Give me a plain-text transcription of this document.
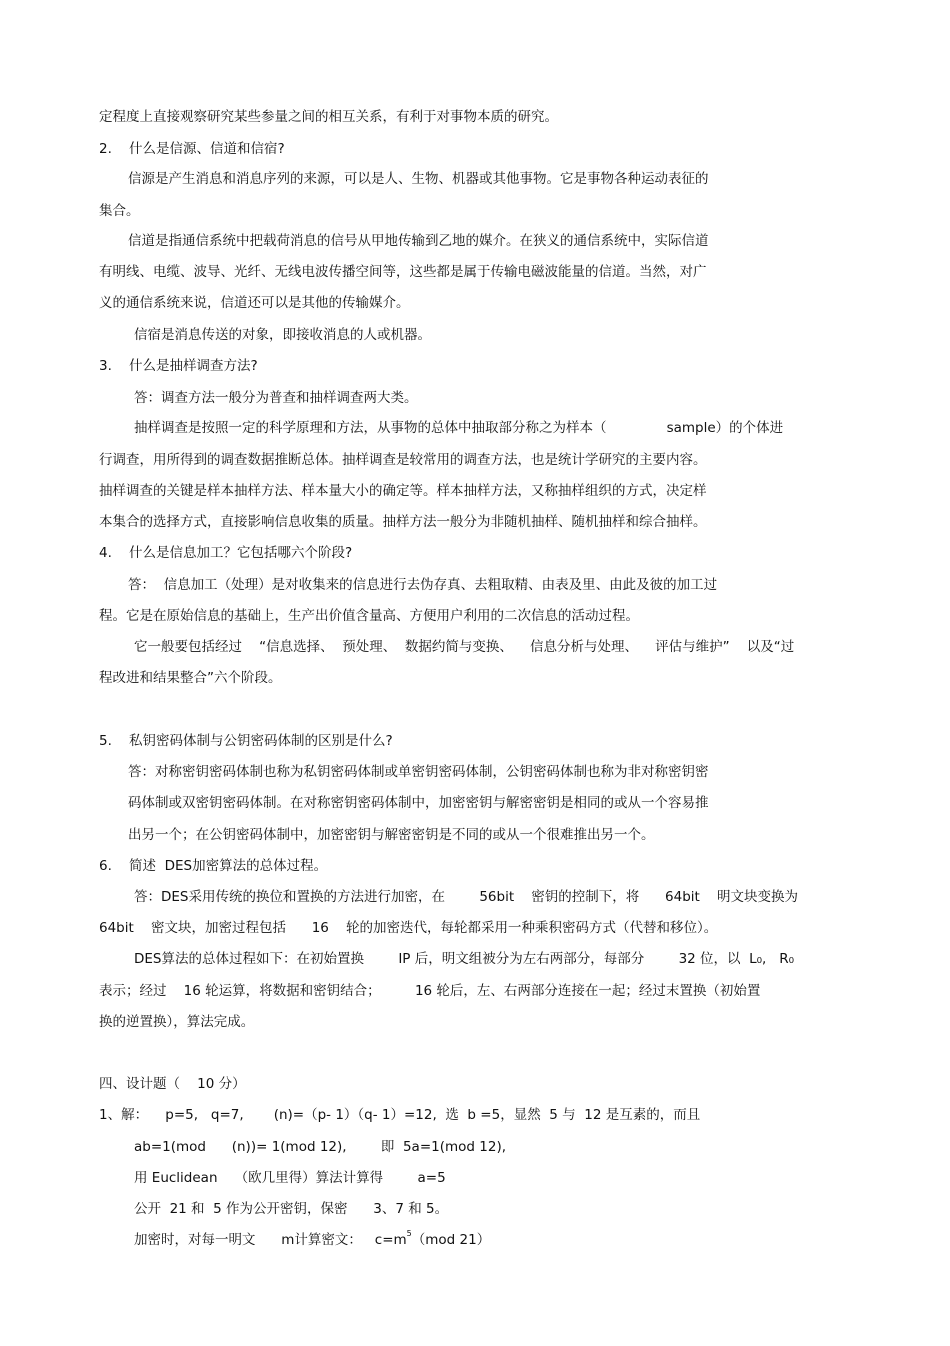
定程度上直接观察研究某些参量之间的相互关系，有利于对事物本质的研究。
2.    什么是信源、信道和信宿?
信源是产生消息和消息序列的来源，可以是人、生物、机器或其他事物。它是事物各种运动表征的
集合。
信道是指通信系统中把载荷消息的信号从甲地传输到乙地的媒介。在狭义的通信系统中，实际信道
有明线、电缆、波导、光纤、无线电波传播空间等，这些都是属于传输电磁波能量的信道。当然，对广
义的通信系统来说，信道还可以是其他的传输媒介。
信宿是消息传送的对象，即接收消息的人或机器。
3.    什么是抽样调查方法?
答：调查方法一般分为普查和抽样调查两大类。
抽样调查是按照一定的科学原理和方法，从事物的总体中抽取部分称之为样本（              sample）的个体进
行调查，用所得到的调查数据推断总体。抽样调查是较常用的调查方法，也是统计学研究的主要内容。
抽样调查的关键是样本抽样方法、样本量大小的确定等。样本抽样方法，又称抽样组织的方式，决定样
本集合的选择方式，直接影响信息收集的质量。抽样方法一般分为非随机抽样、随机抽样和综合抽样。
4.    什么是信息加工？它包括哪六个阶段?
答：  信息加工（处理）是对收集来的信息进行去伪存真、去粗取精、由表及里、由此及彼的加工过
程。它是在原始信息的基础上，生产出价值含量高、方便用户利用的二次信息的活动过程。
它一般要包括经过    “信息选择、  预处理、  数据约简与变换、    信息分析与处理、    评估与维护”    以及“过
程改进和结果整合”六个阶段。
5.    私钥密码体制与公钥密码体制的区别是什么?
答：对称密钥密码体制也称为私钥密码体制或单密钥密码体制，公钥密码体制也称为非对称密钥密
码体制或双密钥密码体制。在对称密钥密码体制中，加密密钥与解密密钥是相同的或从一个容易推
出另一个；在公钥密码体制中，加密密钥与解密密钥是不同的或从一个很难推出另一个。
6.    简述  DES加密算法的总体过程。
答：DES采用传统的换位和置换的方法进行加密，在        56bit    密钥的控制下，将      64bit    明文块变换为
64bit    密文块，加密过程包括      16    轮的加密迭代，每轮都采用一种乘积密码方式（代替和移位）。
DES算法的总体过程如下：在初始置换        IP 后，明文组被分为左右两部分，每部分        32 位，以  L₀,   R₀
表示；经过    16 轮运算，将数据和密钥结合；        16 轮后，左、右两部分连接在一起；经过末置换（初始置
换的逆置换），算法完成。
四、设计题（    10 分）
1、解：    p=5,   q=7,       (n)=（p- 1）（q- 1）=12,  选  b =5，显然  5 与  12 是互素的，而且
ab=1(mod      (n))= 1(mod 12),        即  5a=1(mod 12),
用 Euclidean    （欧几里得）算法计算得        a=5
公开  21 和  5 作为公开密钥，保密      3、7 和 5。
加密时，对每一明文      m计算密文：   $c=m^5(mod$ 21）
